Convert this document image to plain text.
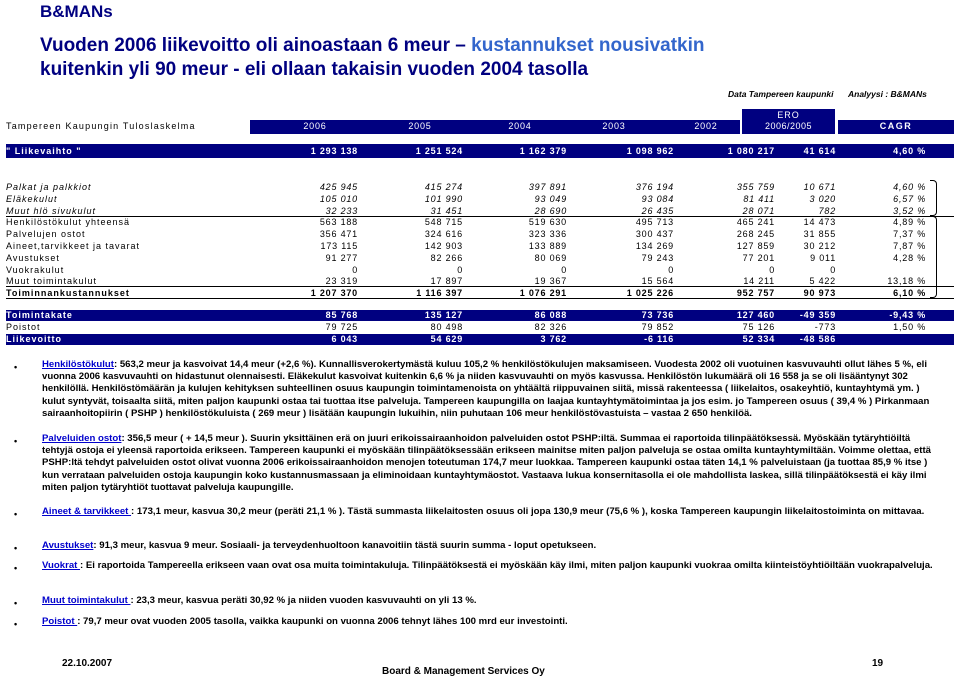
B&MANs
Vuoden 2006 liikevoitto oli ainoastaan 6 meur – kustannukset nousivatkin
kuitenkin yli 90 meur - eli ollaan takaisin vuoden 2004 tasolla
Data Tampereen kaupunki Analyysi : B&MANs
Tampereen Kaupungin Tuloslaskelma	2006	2005	2004	2003	2002
ERO
2006/2005	CAGR
" Liikevaihto "	1 293 138	1 251 524	1 162 379	1 098 962	1 080 217	41 614	4,60 %
Palkat ja palkkiot	425 945	415 274	397 891	376 194	355 759	10 671	4,60 %
Eläkekulut	105 010	101 990	93 049	93 084	81 411	3 020	6,57 %
Muut hlö sivukulut	32 233	31 451	28 690	26 435	28 071	782	3,52 %
Henkilöstökulut yhteensä	563 188	548 715	519 630	495 713	465 241	14 473	4,89 %
Palvelujen ostot	356 471	324 616	323 336	300 437	268 245	31 855	7,37 %
Aineet,tarvikkeet ja tavarat	173 115	142 903	133 889	134 269	127 859	30 212	7,87 %
Avustukset	91 277	82 266	80 069	79 243	77 201	9 011	4,28 %
Vuokrakulut	0	0	0	0	0	0
Muut toimintakulut	23 319	17 897	19 367	15 564	14 211	5 422	13,18 %
Toiminnankustannukset	1 207 370	1 116 397	1 076 291	1 025 226	952 757	90 973	6,10 %
Toimintakate	85 768	135 127	86 088	73 736	127 460	-49 359	-9,43 %
Poistot	79 725	80 498	82 326	79 852	75 126	-773	1,50 %
Liikevoitto	6 043	54 629	3 762	-6 116	52 334	-48 586
•	Henkilöstökulut: 563,2 meur ja kasvoivat 14,4 meur (+2,6 %). Kunnallisverokertymästä kuluu 105,2 % henkilöstökulujen maksamiseen. Vuodesta 2002 oli vuotuinen kasvuvauhti ollut lähes 5 %, eli vuonna 2006 kasvuvauhti on hidastunut olennaisesti. Eläkekulut kasvoivat kuitenkin 6,6 % ja niiden kasvuvauhti on myös kasvussa. Henkilöstön lukumäärä oli 16 558 ja se oli lisääntynyt 302 henkilöllä. Henkilöstömäärän ja kulujen kehityksen suhteellinen osuus kaupungin toimintamenoista on yhtäältä riippuvainen siitä, missä rakenteessa ( liikelaitos, osakeyhtiö, kuntayhtymä ym. ) kulut syntyvät, toisaalta siitä, miten paljon kaupunki ostaa tai tuottaa itse palveluja. Tampereen kaupungilla on laajaa kuntayhtymätoimintaa ja jos esim. jo Tampereen osuus ( 39,4 % ) Pirkanmaan sairaanhoitopiirin ( PSHP ) henkilöstökuluista ( 269 meur ) lisätään kaupungin lukuihin, niin puhutaan 106 meur henkilöstövastuista – vastaa 2 650 henkilöä.
•	Palveluiden ostot: 356,5 meur ( + 14,5 meur ). Suurin yksittäinen erä on juuri erikoissairaanhoidon palveluiden ostot PSHP:iltä. Summaa ei raportoida tilinpäätöksessä. Myöskään tytäryhtiöiltä tehtyjä ostoja ei yleensä raportoida erikseen. Tampereen kaupunki ei myöskään tilinpäätöksessään erikseen mainitse miten paljon palveluja se ostaa omilta kuntayhtymiltään. Voimme olettaa, että PSHP:ltä tehdyt palveluiden ostot olivat vuonna 2006 erikoissairaanhoidon menojen toteutuman 174,7 meur luokkaa. Tampereen kaupunki ostaa täten 14,1 % palveluistaan (ja tuottaa 85,9 % itse ) kun verrataan palveluiden ostoja kaupungin koko kustannusmassaan ja eliminoidaan kuntayhtymäostot. Vastaava lukua konsernitasolla ei ole mahdollista laskea, sillä tilinpäätöksestä ei käy ilmi miten paljon tytäryhtiöt tuottavat palveluja kaupungille.
•	Aineet & tarvikkeet : 173,1 meur, kasvua 30,2 meur (peräti 21,1 % ). Tästä summasta liikelaitosten osuus oli jopa 130,9 meur (75,6 % ), koska Tampereen kaupungin liikelaitostoiminta on mittavaa.
•	Avustukset: 91,3 meur, kasvua 9 meur. Sosiaali- ja terveydenhuoltoon kanavoitiin tästä suurin summa - loput opetukseen.
•	Vuokrat : Ei raportoida Tampereella erikseen vaan ovat osa muita toimintakuluja. Tilinpäätöksestä ei myöskään käy ilmi, miten paljon kaupunki vuokraa omilta kiinteistöyhtiöiltään vuokrapalveluja.
•	Muut toimintakulut : 23,3 meur, kasvua peräti 30,92 % ja niiden vuoden kasvuvauhti on yli 13 %.
•	Poistot : 79,7 meur ovat vuoden 2005 tasolla, vaikka kaupunki on vuonna 2006 tehnyt lähes 100 mrd eur investointi.
22.10.2007
Board & Management Services Oy
19
